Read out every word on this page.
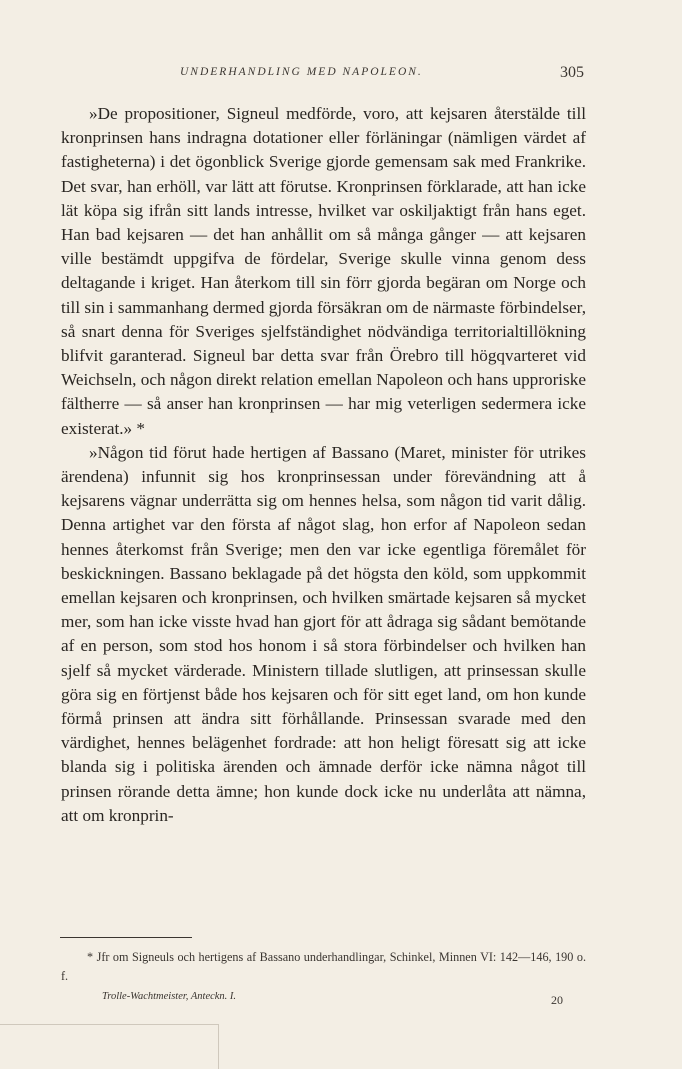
UNDERHANDLING MED NAPOLEON.	305

»De propositioner, Signeul medförde, voro, att kejsaren återstälde till kronprinsen hans indragna dotationer eller förläningar (nämligen värdet af fastigheterna) i det ögonblick Sverige gjorde gemensam sak med Frankrike. Det svar, han erhöll, var lätt att förutse. Kronprinsen förklarade, att han icke lät köpa sig ifrån sitt lands intresse, hvilket var oskiljaktigt från hans eget. Han bad kejsaren — det han anhållit om så många gånger — att kejsaren ville bestämdt uppgifva de fördelar, Sverige skulle vinna genom dess deltagande i kriget. Han återkom till sin förr gjorda begäran om Norge och till sin i sammanhang dermed gjorda försäkran om de närmaste förbindelser, så snart denna för Sveriges sjelfständighet nödvändiga territorialtillökning blifvit garanterad. Signeul bar detta svar från Örebro till högqvarteret vid Weichseln, och någon direkt relation emellan Napoleon och hans upproriske fältherre — så anser han kronprinsen — har mig veterligen sedermera icke existerat.» *

»Någon tid förut hade hertigen af Bassano (Maret, minister för utrikes ärendena) infunnit sig hos kronprinsessan under förevändning att å kejsarens vägnar underrätta sig om hennes helsa, som någon tid varit dålig. Denna artighet var den första af något slag, hon erfor af Napoleon sedan hennes återkomst från Sverige; men den var icke egentliga föremålet för beskickningen. Bassano beklagade på det högsta den köld, som uppkommit emellan kejsaren och kronprinsen, och hvilken smärtade kejsaren så mycket mer, som han icke visste hvad han gjort för att ådraga sig sådant bemötande af en person, som stod hos honom i så stora förbindelser och hvilken han sjelf så mycket värderade. Ministern tillade slutligen, att prinsessan skulle göra sig en förtjenst både hos kejsaren och för sitt eget land, om hon kunde förmå prinsen att ändra sitt förhållande. Prinsessan svarade med den värdighet, hennes belägenhet fordrade: att hon heligt föresatt sig att icke blanda sig i politiska ärenden och ämnade derför icke nämna något till prinsen rörande detta ämne; hon kunde dock icke nu underlåta att nämna, att om kronprin-

* Jfr om Signeuls och hertigens af Bassano underhandlingar, Schinkel, Minnen VI: 142—146, 190 o. f.
Trolle-Wachtmeister, Anteckn. I.	20
